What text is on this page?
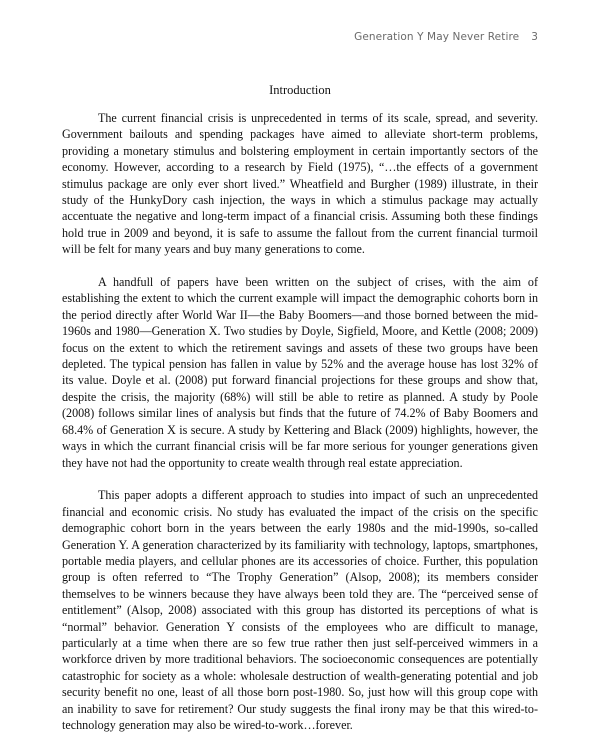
Generation Y May Never Retire 3
Introduction

The current financial crisis is unprecedented in terms of its scale, spread, and severity. Government bailouts and spending packages have aimed to alleviate short-term problems, providing a monetary stimulus and bolstering employment in certain importantly sectors of the economy. However, according to a research by Field (1975), “…the effects of a government stimulus package are only ever short lived.” Wheatfield and Burgher (1989) illustrate, in their study of the HunkyDory cash injection, the ways in which a stimulus package may actually accentuate the negative and long-term impact of a financial crisis. Assuming both these findings hold true in 2009 and beyond, it is safe to assume the fallout from the current financial turmoil will be felt for many years and buy many generations to come.

A handfull of papers have been written on the subject of crises, with the aim of establishing the extent to which the current example will impact the demographic cohorts born in the period directly after World War II—the Baby Boomers—and those borned between the mid-1960s and 1980—Generation X. Two studies by Doyle, Sigfield, Moore, and Kettle (2008; 2009) focus on the extent to which the retirement savings and assets of these two groups have been depleted. The typical pension has fallen in value by 52% and the average house has lost 32% of its value. Doyle et al. (2008) put forward financial projections for these groups and show that, despite the crisis, the majority (68%) will still be able to retire as planned. A study by Poole (2008) follows similar lines of analysis but finds that the future of 74.2% of Baby Boomers and 68.4% of Generation X is secure. A study by Kettering and Black (2009) highlights, however, the ways in which the currant financial crisis will be far more serious for younger generations given they have not had the opportunity to create wealth through real estate appreciation.

This paper adopts a different approach to studies into impact of such an unprecedented financial and economic crisis. No study has evaluated the impact of the crisis on the specific demographic cohort born in the years between the early 1980s and the mid-1990s, so-called Generation Y. A generation characterized by its familiarity with technology, laptops, smartphones, portable media players, and cellular phones are its accessories of choice. Further, this population group is often referred to “The Trophy Generation” (Alsop, 2008); its members consider themselves to be winners because they have always been told they are. The “perceived sense of entitlement” (Alsop, 2008) associated with this group has distorted its perceptions of what is “normal” behavior. Generation Y consists of the employees who are difficult to manage, particularly at a time when there are so few true rather then just self-perceived wimmers in a workforce driven by more traditional behaviors. The socioeconomic consequences are potentially catastrophic for society as a whole: wholesale destruction of wealth-generating potential and job security benefit no one, least of all those born post-1980. So, just how will this group cope with an inability to save for retirement? Our study suggests the final irony may be that this wired-to-technology generation may also be wired-to-work…forever.
